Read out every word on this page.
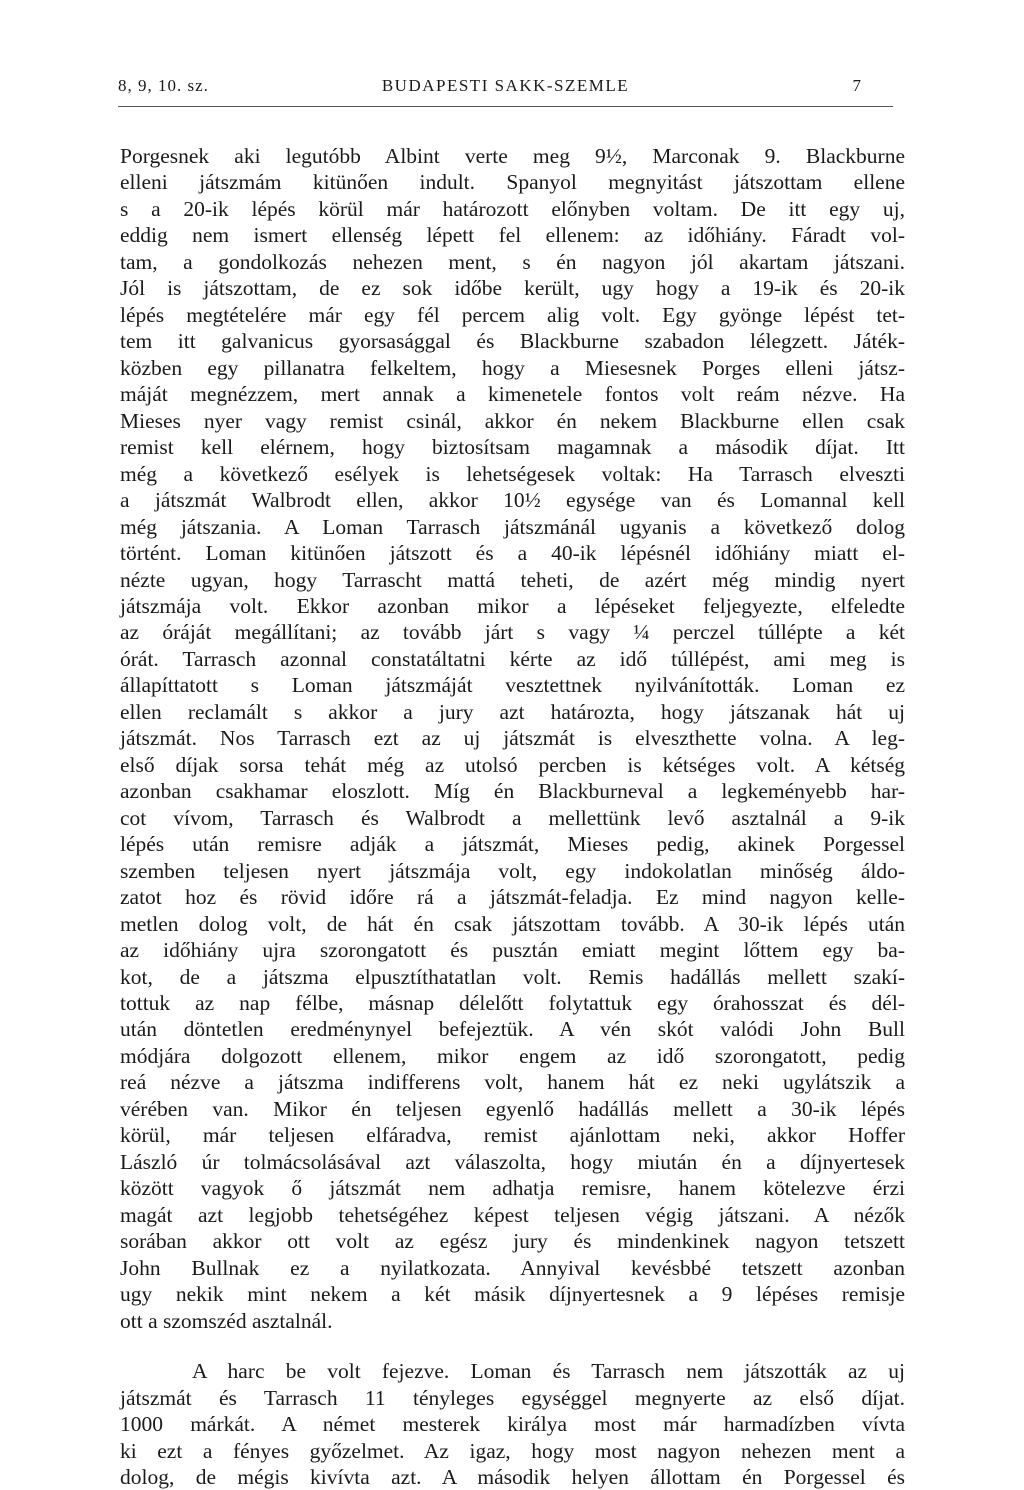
8, 9, 10. sz.	BUDAPESTI SAKK-SZEMLE	7
Porgesnek aki legutóbb Albint verte meg 9½, Marconak 9. Blackburne
elleni játszmám kitünően indult. Spanyol megnyitást játszottam ellene
s a 20-ik lépés körül már határozott előnyben voltam. De itt egy uj,
eddig nem ismert ellenség lépett fel ellenem: az időhiány. Fáradt vol-
tam, a gondolkozás nehezen ment, s én nagyon jól akartam játszani.
Jól is játszottam, de ez sok időbe került, ugy hogy a 19-ik és 20-ik
lépés megtételére már egy fél percem alig volt. Egy gyönge lépést tet-
tem itt galvanicus gyorsasággal és Blackburne szabadon lélegzett. Játék-
közben egy pillanatra felkeltem, hogy a Miesesnek Porges elleni játsz-
máját megnézzem, mert annak a kimenetele fontos volt reám nézve. Ha
Mieses nyer vagy remist csinál, akkor én nekem Blackburne ellen csak
remist kell elérnem, hogy biztosítsam magamnak a második díjat. Itt
még a következő esélyek is lehetségesek voltak: Ha Tarrasch elveszti
a játszmát Walbrodt ellen, akkor 10½ egysége van és Lomannal kell
még játszania. A Loman Tarrasch játszmánál ugyanis a következő dolog
történt. Loman kitünően játszott és a 40-ik lépésnél időhiány miatt el-
nézte ugyan, hogy Tarrascht mattá teheti, de azért még mindig nyert
játszmája volt. Ekkor azonban mikor a lépéseket feljegyezte, elfeledte
az óráját megállítani; az tovább járt s vagy ¼ perczel túllépte a két
órát. Tarrasch azonnal constatáltatni kérte az idő túllépést, ami meg is
állapíttatott s Loman játszmáját vesztettnek nyilvánították. Loman ez
ellen reclamált s akkor a jury azt határozta, hogy játszanak hát uj
játszmát. Nos Tarrasch ezt az uj játszmát is elveszthette volna. A leg-
első díjak sorsa tehát még az utolsó percben is kétséges volt. A kétség
azonban csakhamar eloszlott. Míg én Blackburneval a legkeményebb har-
cot vívom, Tarrasch és Walbrodt a mellettünk levő asztalnál a 9-ik
lépés után remisre adják a játszmát, Mieses pedig, akinek Porgessel
szemben teljesen nyert játszmája volt, egy indokolatlan minőség áldo-
zatot hoz és rövid időre rá a játszmát-feladja. Ez mind nagyon kelle-
metlen dolog volt, de hát én csak játszottam tovább. A 30-ik lépés után
az időhiány ujra szorongatott és pusztán emiatt megint lőttem egy ba-
kot, de a játszma elpusztíthatatlan volt. Remis hadállás mellett szakí-
tottuk az nap félbe, másnap délelőtt folytattuk egy órahosszat és dél-
után döntetlen eredménynyel befejeztük. A vén skót valódi John Bull
módjára dolgozott ellenem, mikor engem az idő szorongatott, pedig
reá nézve a játszma indifferens volt, hanem hát ez neki ugylátszik a
vérében van. Mikor én teljesen egyenlő hadállás mellett a 30-ik lépés
körül, már teljesen elfáradva, remist ajánlottam neki, akkor Hoffer
László úr tolmácsolásával azt válaszolta, hogy miután én a díjnyertesek
között vagyok ő játszmát nem adhatja remisre, hanem kötelezve érzi
magát azt legjobb tehetségéhez képest teljesen végig játszani. A nézők
sorában akkor ott volt az egész jury és mindenkinek nagyon tetszett
John Bullnak ez a nyilatkozata. Annyival kevésbbé tetszett azonban
ugy nekik mint nekem a két másik díjnyertesnek a 9 lépéses remisje
ott a szomszéd asztalnál.
A harc be volt fejezve. Loman és Tarrasch nem játszották az uj
játszmát és Tarrasch 11 tényleges egységgel megnyerte az első díjat.
1000 márkát. A német mesterek királya most már harmadízben vívta
ki ezt a fényes győzelmet. Az igaz, hogy most nagyon nehezen ment a
dolog, de mégis kivívta azt. A második helyen állottam én Porgessel és
